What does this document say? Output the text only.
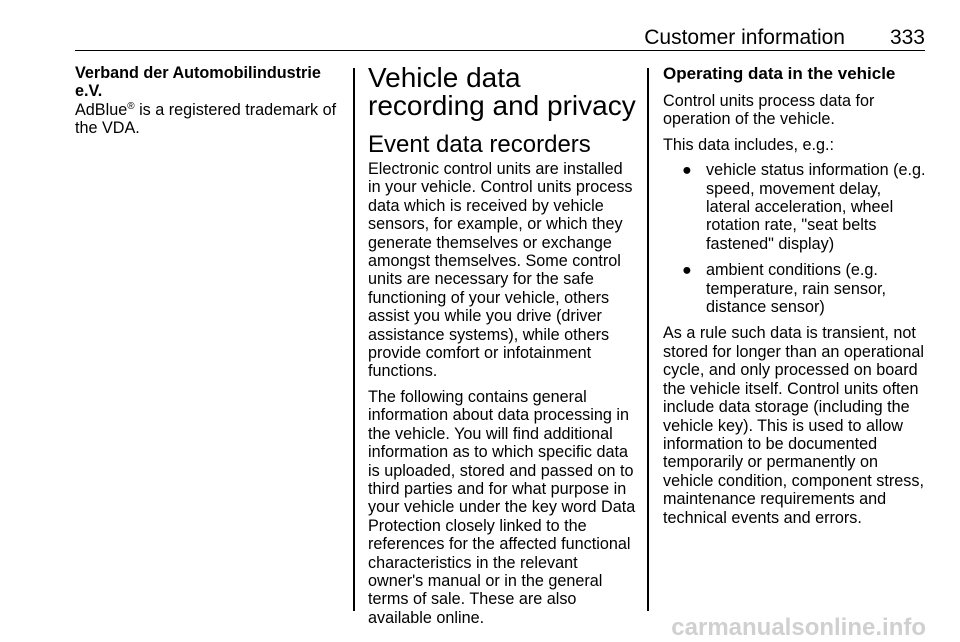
Customer information 333

Verband der Automobilindustrie e.V.

AdBlue® is a registered trademark of the VDA.

Vehicle data recording and privacy
Event data recorders

Electronic control units are installed in your vehicle. Control units process data which is received by vehicle sensors, for example, or which they generate themselves or exchange amongst themselves. Some control units are necessary for the safe functioning of your vehicle, others assist you while you drive (driver assistance systems), while others provide comfort or infotainment functions.

The following contains general information about data processing in the vehicle. You will find additional information as to which specific data is uploaded, stored and passed on to third parties and for what purpose in your vehicle under the key word Data Protection closely linked to the references for the affected functional characteristics in the relevant owner's manual or in the general terms of sale. These are also available online.

Operating data in the vehicle

Control units process data for operation of the vehicle.

This data includes, e.g.:

● vehicle status information (e.g. speed, movement delay, lateral acceleration, wheel rotation rate, "seat belts fastened" display)
● ambient conditions (e.g. temperature, rain sensor, distance sensor)

As a rule such data is transient, not stored for longer than an operational cycle, and only processed on board the vehicle itself. Control units often include data storage (including the vehicle key). This is used to allow information to be documented temporarily or permanently on vehicle condition, component stress, maintenance requirements and technical events and errors.

carmanualsonline.info
